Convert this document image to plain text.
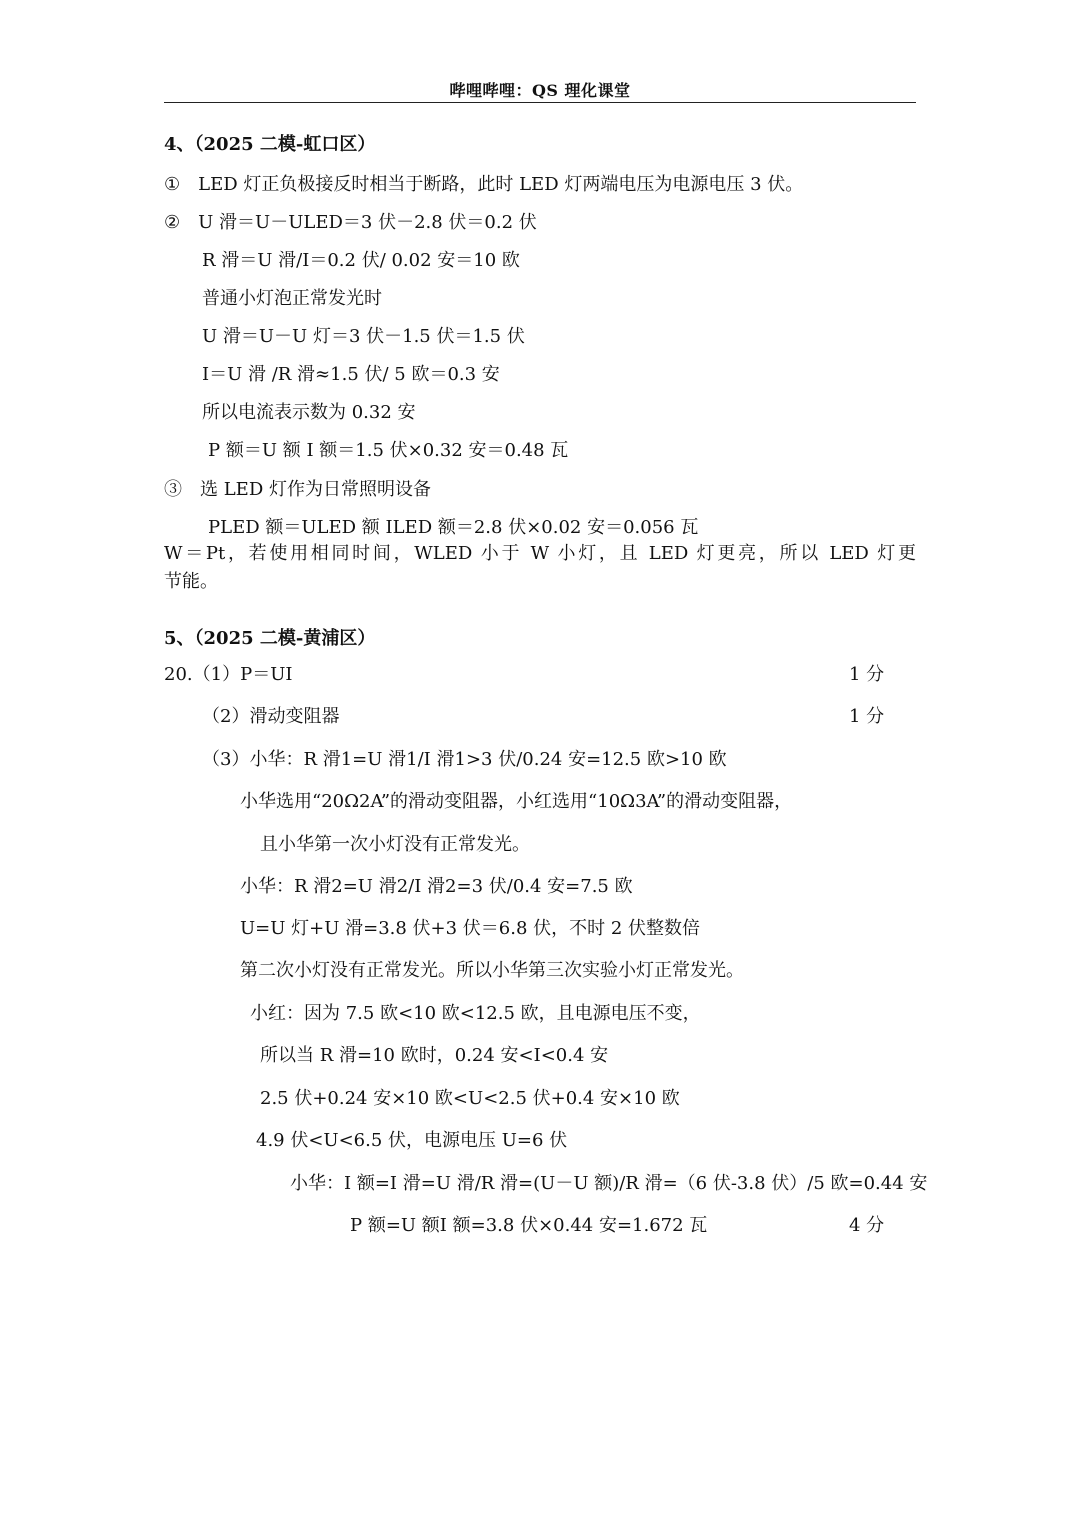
哔哩哔哩：QS 理化课堂
4、（2025 二模-虹口区）
①　LED 灯正负极接反时相当于断路，此时 LED 灯两端电压为电源电压 3 伏。
②　U 滑＝U－ULED＝3 伏－2.8 伏＝0.2 伏
R 滑＝U 滑/I＝0.2 伏/ 0.02 安＝10 欧
普通小灯泡正常发光时
U 滑＝U－U 灯＝3 伏－1.5 伏＝1.5 伏
I＝U 滑 /R 滑≈1.5 伏/ 5 欧＝0.3 安
所以电流表示数为 0.32 安
P 额＝U 额 I 额＝1.5 伏×0.32 安＝0.48 瓦
③　选 LED 灯作为日常照明设备
PLED 额＝ULED 额 ILED 额＝2.8 伏×0.02 安＝0.056 瓦
W＝Pt，若使用相同时间，WLED 小于 W 小灯，且 LED 灯更亮，所以 LED 灯更
节能。
5、（2025 二模-黄浦区）
20.（1）P＝UI	1 分
（2）滑动变阻器	1 分
（3）小华：R 滑1=U 滑1/I 滑1>3 伏/0.24 安=12.5 欧>10 欧
小华选用“20Ω2A”的滑动变阻器，小红选用“10Ω3A”的滑动变阻器，
且小华第一次小灯没有正常发光。
小华：R 滑2=U 滑2/I 滑2=3 伏/0.4 安=7.5 欧
U=U 灯+U 滑=3.8 伏+3 伏＝6.8 伏，不时 2 伏整数倍
第二次小灯没有正常发光。所以小华第三次实验小灯正常发光。
小红：因为 7.5 欧<10 欧<12.5 欧，且电源电压不变，
所以当 R 滑=10 欧时，0.24 安<I<0.4 安
2.5 伏+0.24 安×10 欧<U<2.5 伏+0.4 安×10 欧
4.9 伏<U<6.5 伏，电源电压 U=6 伏
小华：I 额=I 滑=U 滑/R 滑=(U－U 额)/R 滑=（6 伏-3.8 伏）/5 欧=0.44 安
P 额=U 额I 额=3.8 伏×0.44 安=1.672 瓦	4 分
